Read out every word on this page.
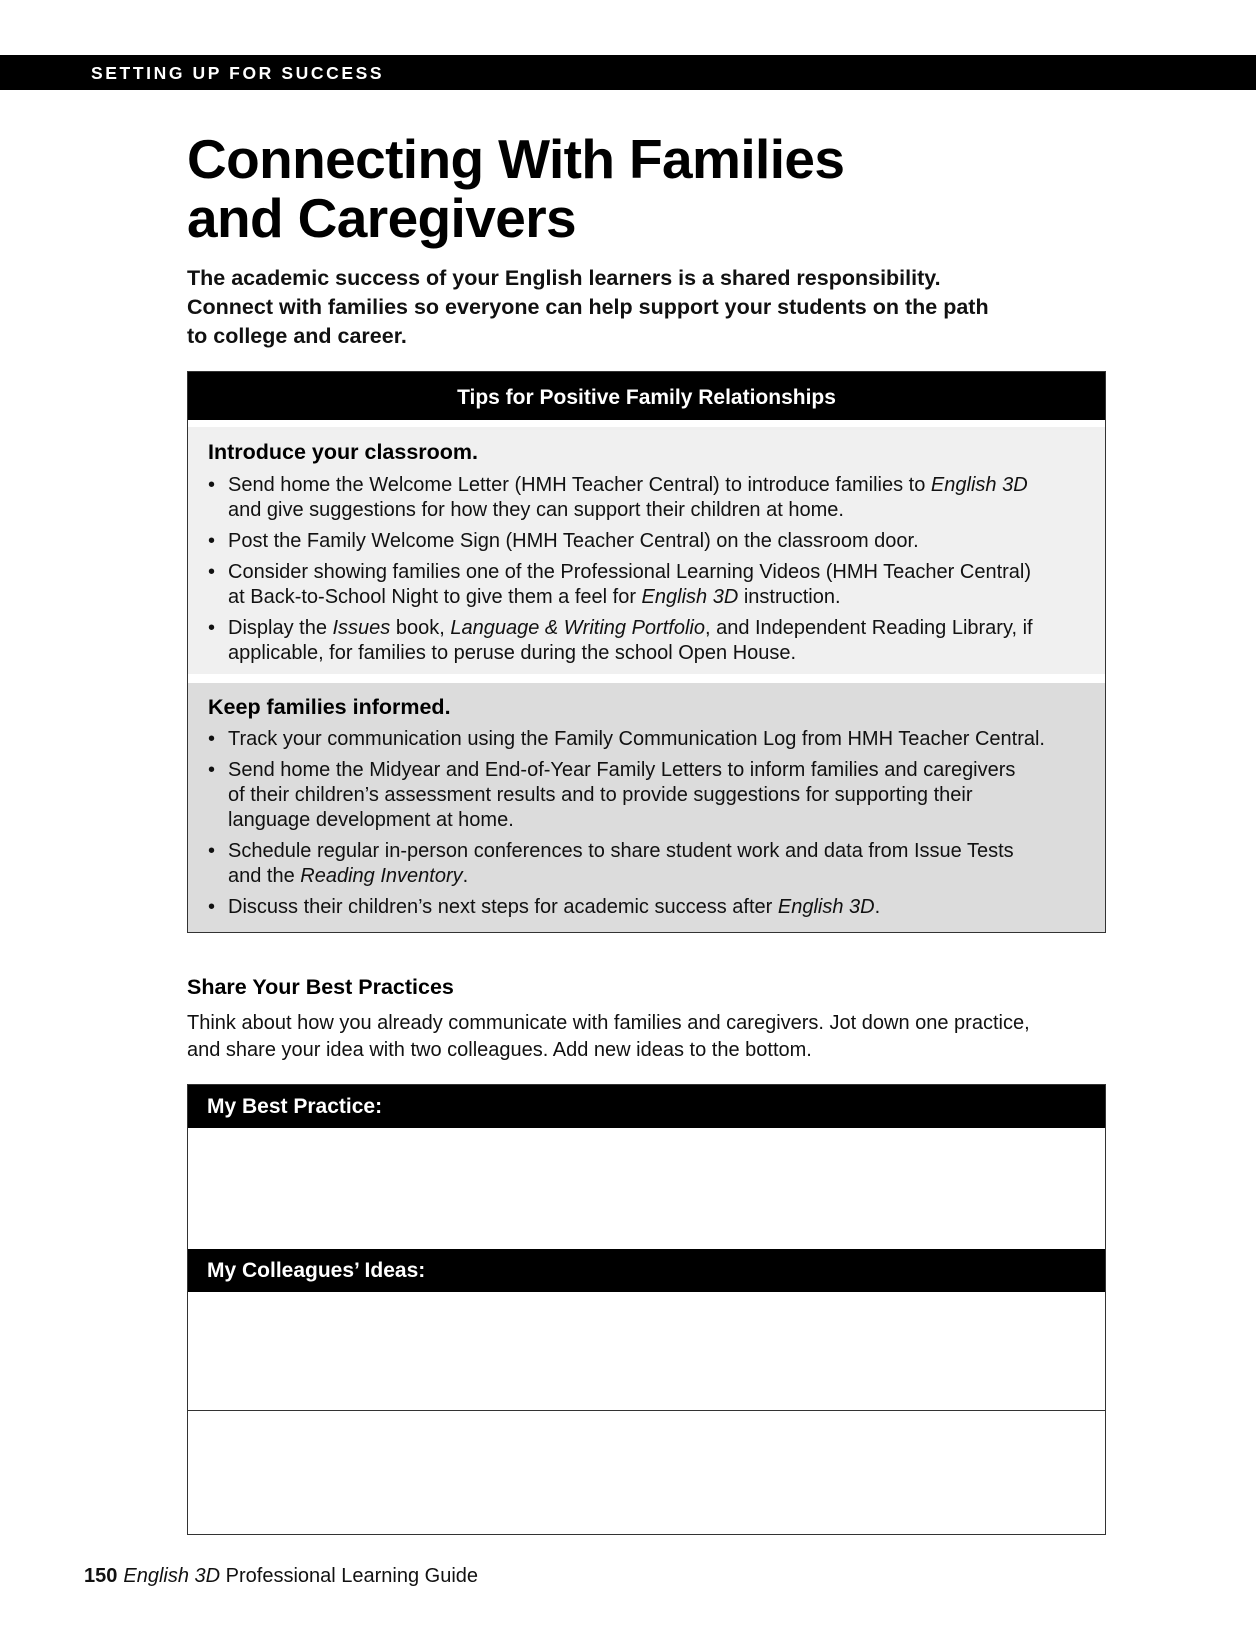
SETTING UP FOR SUCCESS
Connecting With Families
and Caregivers

The academic success of your English learners is a shared responsibility.
Connect with families so everyone can help support your students on the path
to college and career.

Tips for Positive Family Relationships
Introduce your classroom.
• Send home the Welcome Letter (HMH Teacher Central) to introduce families to English 3D
and give suggestions for how they can support their children at home.
• Post the Family Welcome Sign (HMH Teacher Central) on the classroom door.
• Consider showing families one of the Professional Learning Videos (HMH Teacher Central)
at Back-to-School Night to give them a feel for English 3D instruction.
• Display the Issues book, Language & Writing Portfolio, and Independent Reading Library, if
applicable, for families to peruse during the school Open House.
Keep families informed.
• Track your communication using the Family Communication Log from HMH Teacher Central.
• Send home the Midyear and End-of-Year Family Letters to inform families and caregivers
of their children’s assessment results and to provide suggestions for supporting their
language development at home.
• Schedule regular in-person conferences to share student work and data from Issue Tests
and the Reading Inventory.
• Discuss their children’s next steps for academic success after English 3D.
Share Your Best Practices

Think about how you already communicate with families and caregivers. Jot down one practice,
and share your idea with two colleagues. Add new ideas to the bottom.

My Best Practice:
My Colleagues’ Ideas:
150 English 3D Professional Learning Guide
